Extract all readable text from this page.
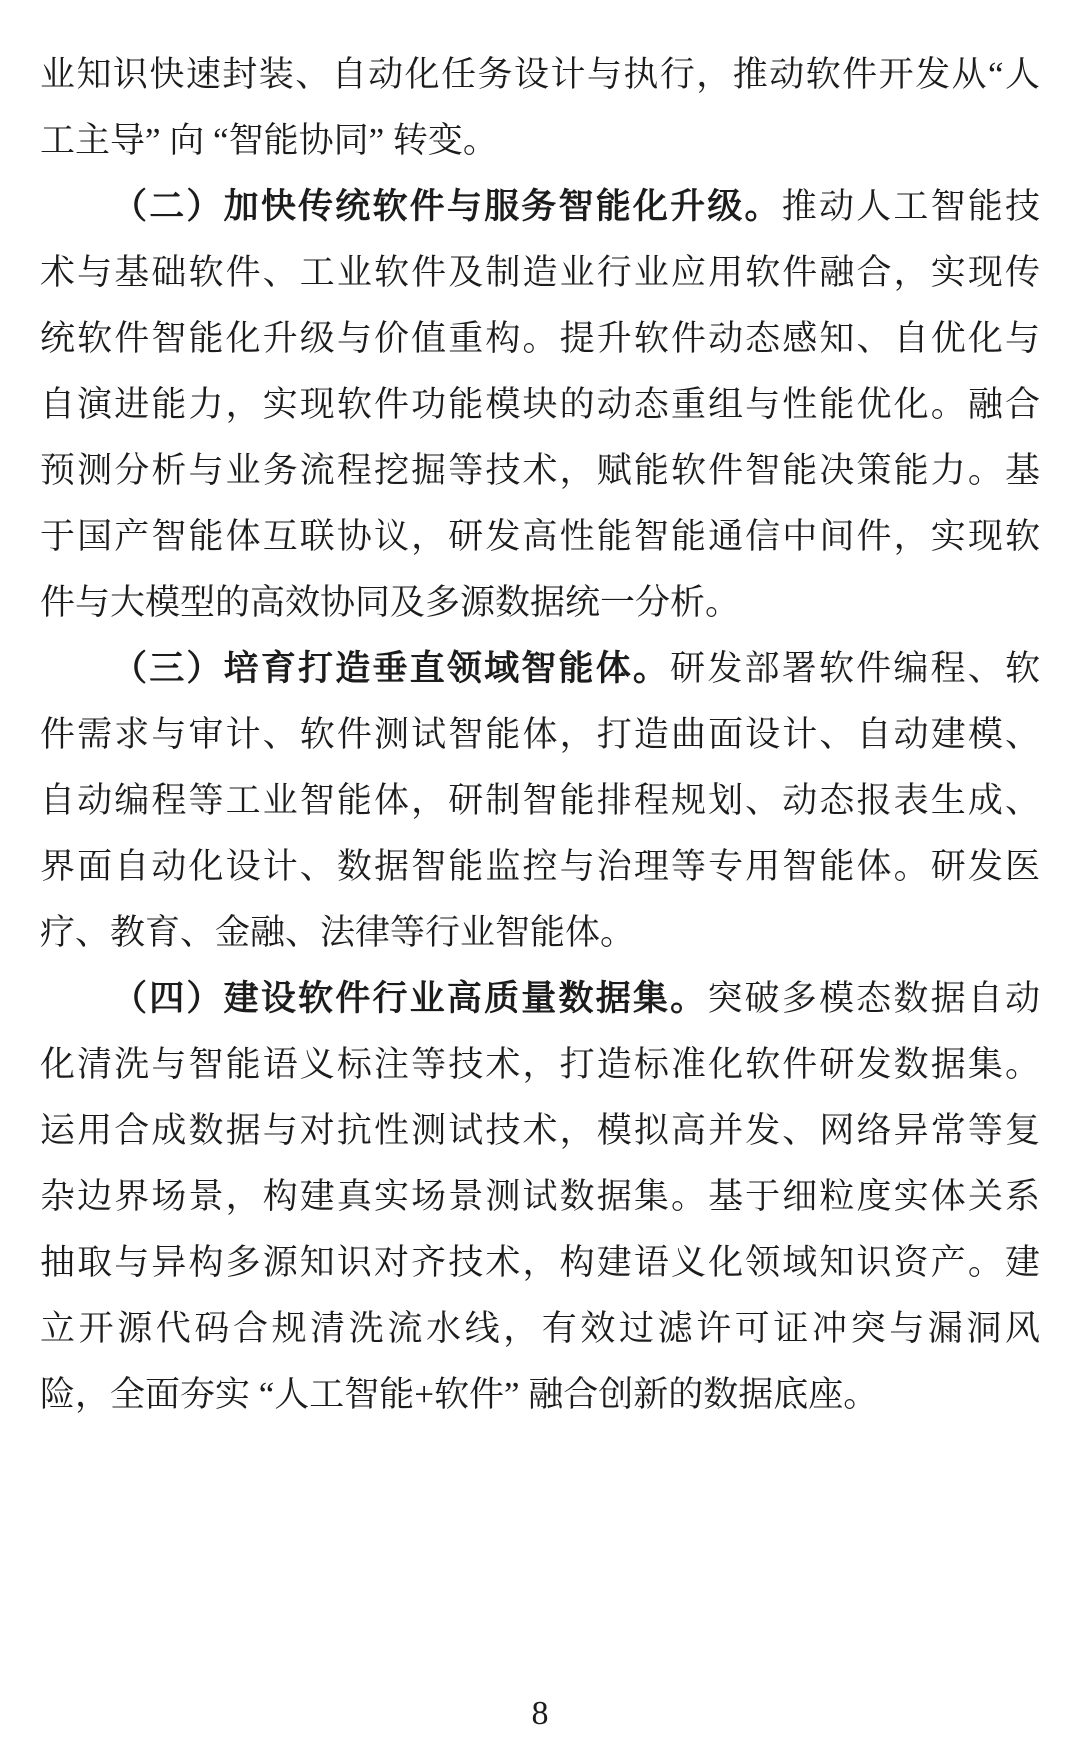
业知识快速封装、自动化任务设计与执行，推动软件开发从“人
工主导” 向 “智能协同” 转变。
（二）加快传统软件与服务智能化升级。推动人工智能技
术与基础软件、工业软件及制造业行业应用软件融合，实现传
统软件智能化升级与价值重构。提升软件动态感知、自优化与
自演进能力，实现软件功能模块的动态重组与性能优化。融合
预测分析与业务流程挖掘等技术，赋能软件智能决策能力。基
于国产智能体互联协议，研发高性能智能通信中间件，实现软
件与大模型的高效协同及多源数据统一分析。
（三）培育打造垂直领域智能体。研发部署软件编程、软
件需求与审计、软件测试智能体，打造曲面设计、自动建模、
自动编程等工业智能体，研制智能排程规划、动态报表生成、
界面自动化设计、数据智能监控与治理等专用智能体。研发医
疗、教育、金融、法律等行业智能体。
（四）建设软件行业高质量数据集。突破多模态数据自动
化清洗与智能语义标注等技术，打造标准化软件研发数据集。
运用合成数据与对抗性测试技术，模拟高并发、网络异常等复
杂边界场景，构建真实场景测试数据集。基于细粒度实体关系
抽取与异构多源知识对齐技术，构建语义化领域知识资产。建
立开源代码合规清洗流水线，有效过滤许可证冲突与漏洞风
险，全面夯实 “人工智能+软件” 融合创新的数据底座。
8
